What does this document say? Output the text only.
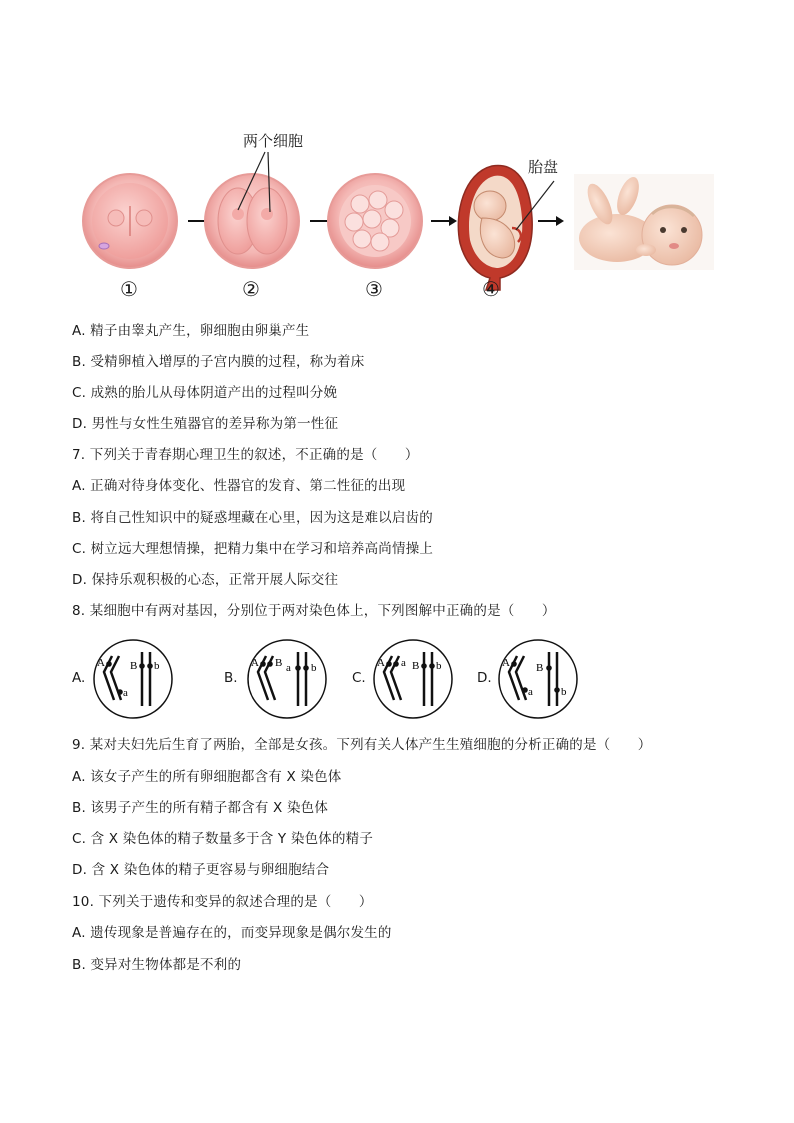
两个细胞
胎盘
①	②	③	④
A. 精子由睾丸产生，卵细胞由卵巢产生
B. 受精卵植入增厚的子宫内膜的过程，称为着床
C. 成熟的胎儿从母体阴道产出的过程叫分娩
D. 男性与女性生殖器官的差异称为第一性征
7. 下列关于青春期心理卫生的叙述，不正确的是（　　）
A. 正确对待身体变化、性器官的发育、第二性征的出现
B. 将自己性知识中的疑惑埋藏在心里，因为这是难以启齿的
C. 树立远大理想情操，把精力集中在学习和培养高尚情操上
D. 保持乐观积极的心态，正常开展人际交往
8. 某细胞中有两对基因，分别位于两对染色体上，下列图解中正确的是（　　）
A.
A
a
B b
B.
A B a b
C.
A a B b
D.
A
a
B
b
9. 某对夫妇先后生育了两胎，全部是女孩。下列有关人体产生生殖细胞的分析正确的是（　　）
A. 该女子产生的所有卵细胞都含有 X 染色体
B. 该男子产生的所有精子都含有 X 染色体
C. 含 X 染色体的精子数量多于含 Y 染色体的精子
D. 含 X 染色体的精子更容易与卵细胞结合
10. 下列关于遗传和变异的叙述合理的是（　　）
A. 遗传现象是普遍存在的，而变异现象是偶尔发生的
B. 变异对生物体都是不利的
